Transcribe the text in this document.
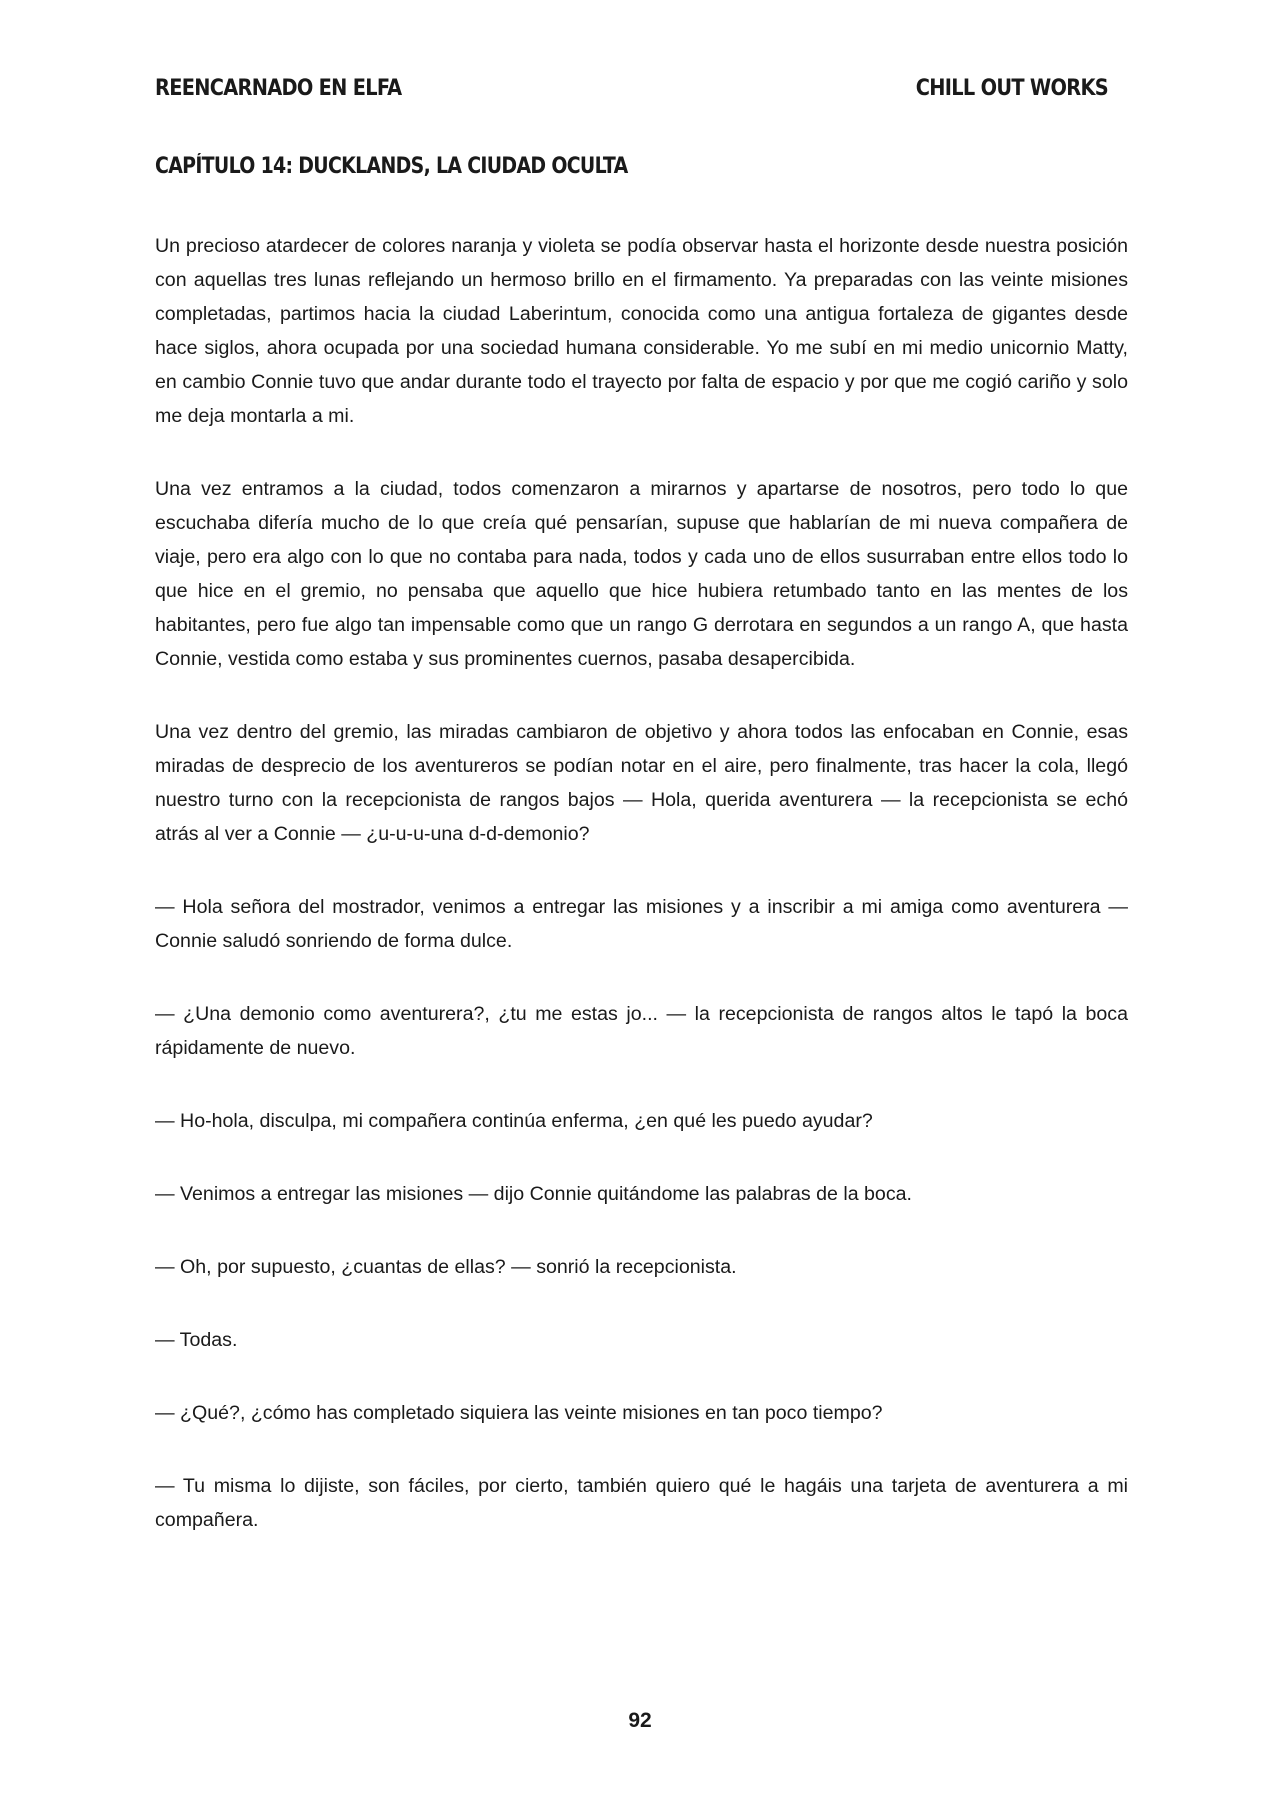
REENCARNADO EN ELFA	CHILL OUT WORKS
CAPÍTULO 14: DUCKLANDS, LA CIUDAD OCULTA

Un precioso atardecer de colores naranja y violeta se podía observar hasta el horizonte desde nuestra posición con aquellas tres lunas reflejando un hermoso brillo en el firmamento. Ya preparadas con las veinte misiones completadas, partimos hacia la ciudad Laberintum, conocida como una antigua fortaleza de gigantes desde hace siglos, ahora ocupada por una sociedad humana considerable. Yo me subí en mi medio unicornio Matty, en cambio Connie tuvo que andar durante todo el trayecto por falta de espacio y por que me cogió cariño y solo me deja montarla a mi.

Una vez entramos a la ciudad, todos comenzaron a mirarnos y apartarse de nosotros, pero todo lo que escuchaba difería mucho de lo que creía qué pensarían, supuse que hablarían de mi nueva compañera de viaje, pero era algo con lo que no contaba para nada, todos y cada uno de ellos susurraban entre ellos todo lo que hice en el gremio, no pensaba que aquello que hice hubiera retumbado tanto en las mentes de los habitantes, pero fue algo tan impensable como que un rango G derrotara en segundos a un rango A, que hasta Connie, vestida como estaba y sus prominentes cuernos, pasaba desapercibida.

Una vez dentro del gremio, las miradas cambiaron de objetivo y ahora todos las enfocaban en Connie, esas miradas de desprecio de los aventureros se podían notar en el aire, pero finalmente, tras hacer la cola, llegó nuestro turno con la recepcionista de rangos bajos — Hola, querida aventurera — la recepcionista se echó atrás al ver a Connie — ¿u-u-u-una d-d-demonio?

— Hola señora del mostrador, venimos a entregar las misiones y a inscribir a mi amiga como aventurera — Connie saludó sonriendo de forma dulce.

— ¿Una demonio como aventurera?, ¿tu me estas jo... — la recepcionista de rangos altos le tapó la boca rápidamente de nuevo.

— Ho-hola, disculpa, mi compañera continúa enferma, ¿en qué les puedo ayudar?

— Venimos a entregar las misiones — dijo Connie quitándome las palabras de la boca.

— Oh, por supuesto, ¿cuantas de ellas? — sonrió la recepcionista.

— Todas.

— ¿Qué?, ¿cómo has completado siquiera las veinte misiones en tan poco tiempo?

— Tu misma lo dijiste, son fáciles, por cierto, también quiero qué le hagáis una tarjeta de aventurera a mi compañera.

92
